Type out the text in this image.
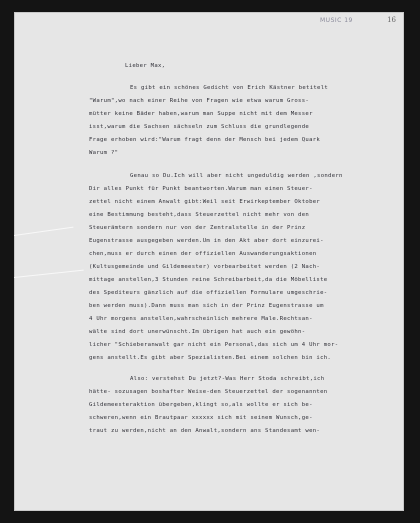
MUSIC 19	16

Lieber Max,

Es gibt ein schönes Gedicht von Erich Kästner betitelt

"Warum",wo nach einer Reihe von Fragen wie etwa warum Gross-

mütter keine Bäder haben,warum man Suppe nicht mit dem Messer

isst,warum die Sachsen sächseln zum Schluss die grundlegende

Frage erhoben wird:"Warum fragt denn der Mensch bei jedem Quark

Warum ?"

Genau so Du.Ich will aber nicht ungeduldig werden ,sondern

Dir alles Punkt für Punkt beantworten.Warum man einen Steuer-

zettel nicht einem Anwalt gibt:Weil seit Erwirkeptember Oktober

eine Bestimmung besteht,dass Steuerzettel nicht mehr von den

Steuerämtern sondern nur von der Zentralstelle in der Prinz

Eugenstrasse ausgegeben werden.Um in den Akt aber dort einzurei-

chen,muss er durch einen der offiziellen Auswanderungsaktionen

(Kultusgemeinde und Gildemeester) vorbearbeitet werden (2 Nach-

mittage anstellen,3 Stunden reine Schreibarbeit,da die Möbelliste

des Spediteurs gänzlich auf die offiziellen Formulare umgeschrie-

ben werden muss).Dann muss man sich in der Prinz Eugenstrasse um

4 Uhr morgens anstellen,wahrscheinlich mehrere Male.Rechtsan-

wälte sind dort unerwünscht.Im übrigen hat auch ein gewöhn-

licher "Schieberanwalt gar nicht ein Personal,das sich um 4 Uhr mor-

gens anstellt.Es gibt aber Spezialisten.Bei einem solchen bin ich.

Also: verstehst Du jetzt?-Was Herr Stoda schreibt,ich

hätte- sozusagen boshafter Weise-den Steuerzettel der sogenannten

Gildemeesteraktion übergeben,klingt so,als wollte er sich be-

schweren,wenn ein Brautpaar xxxxxx sich mit seinem Wunsch,ge-

traut zu werden,nicht an den Anwalt,sondern ans Standesamt wen-
